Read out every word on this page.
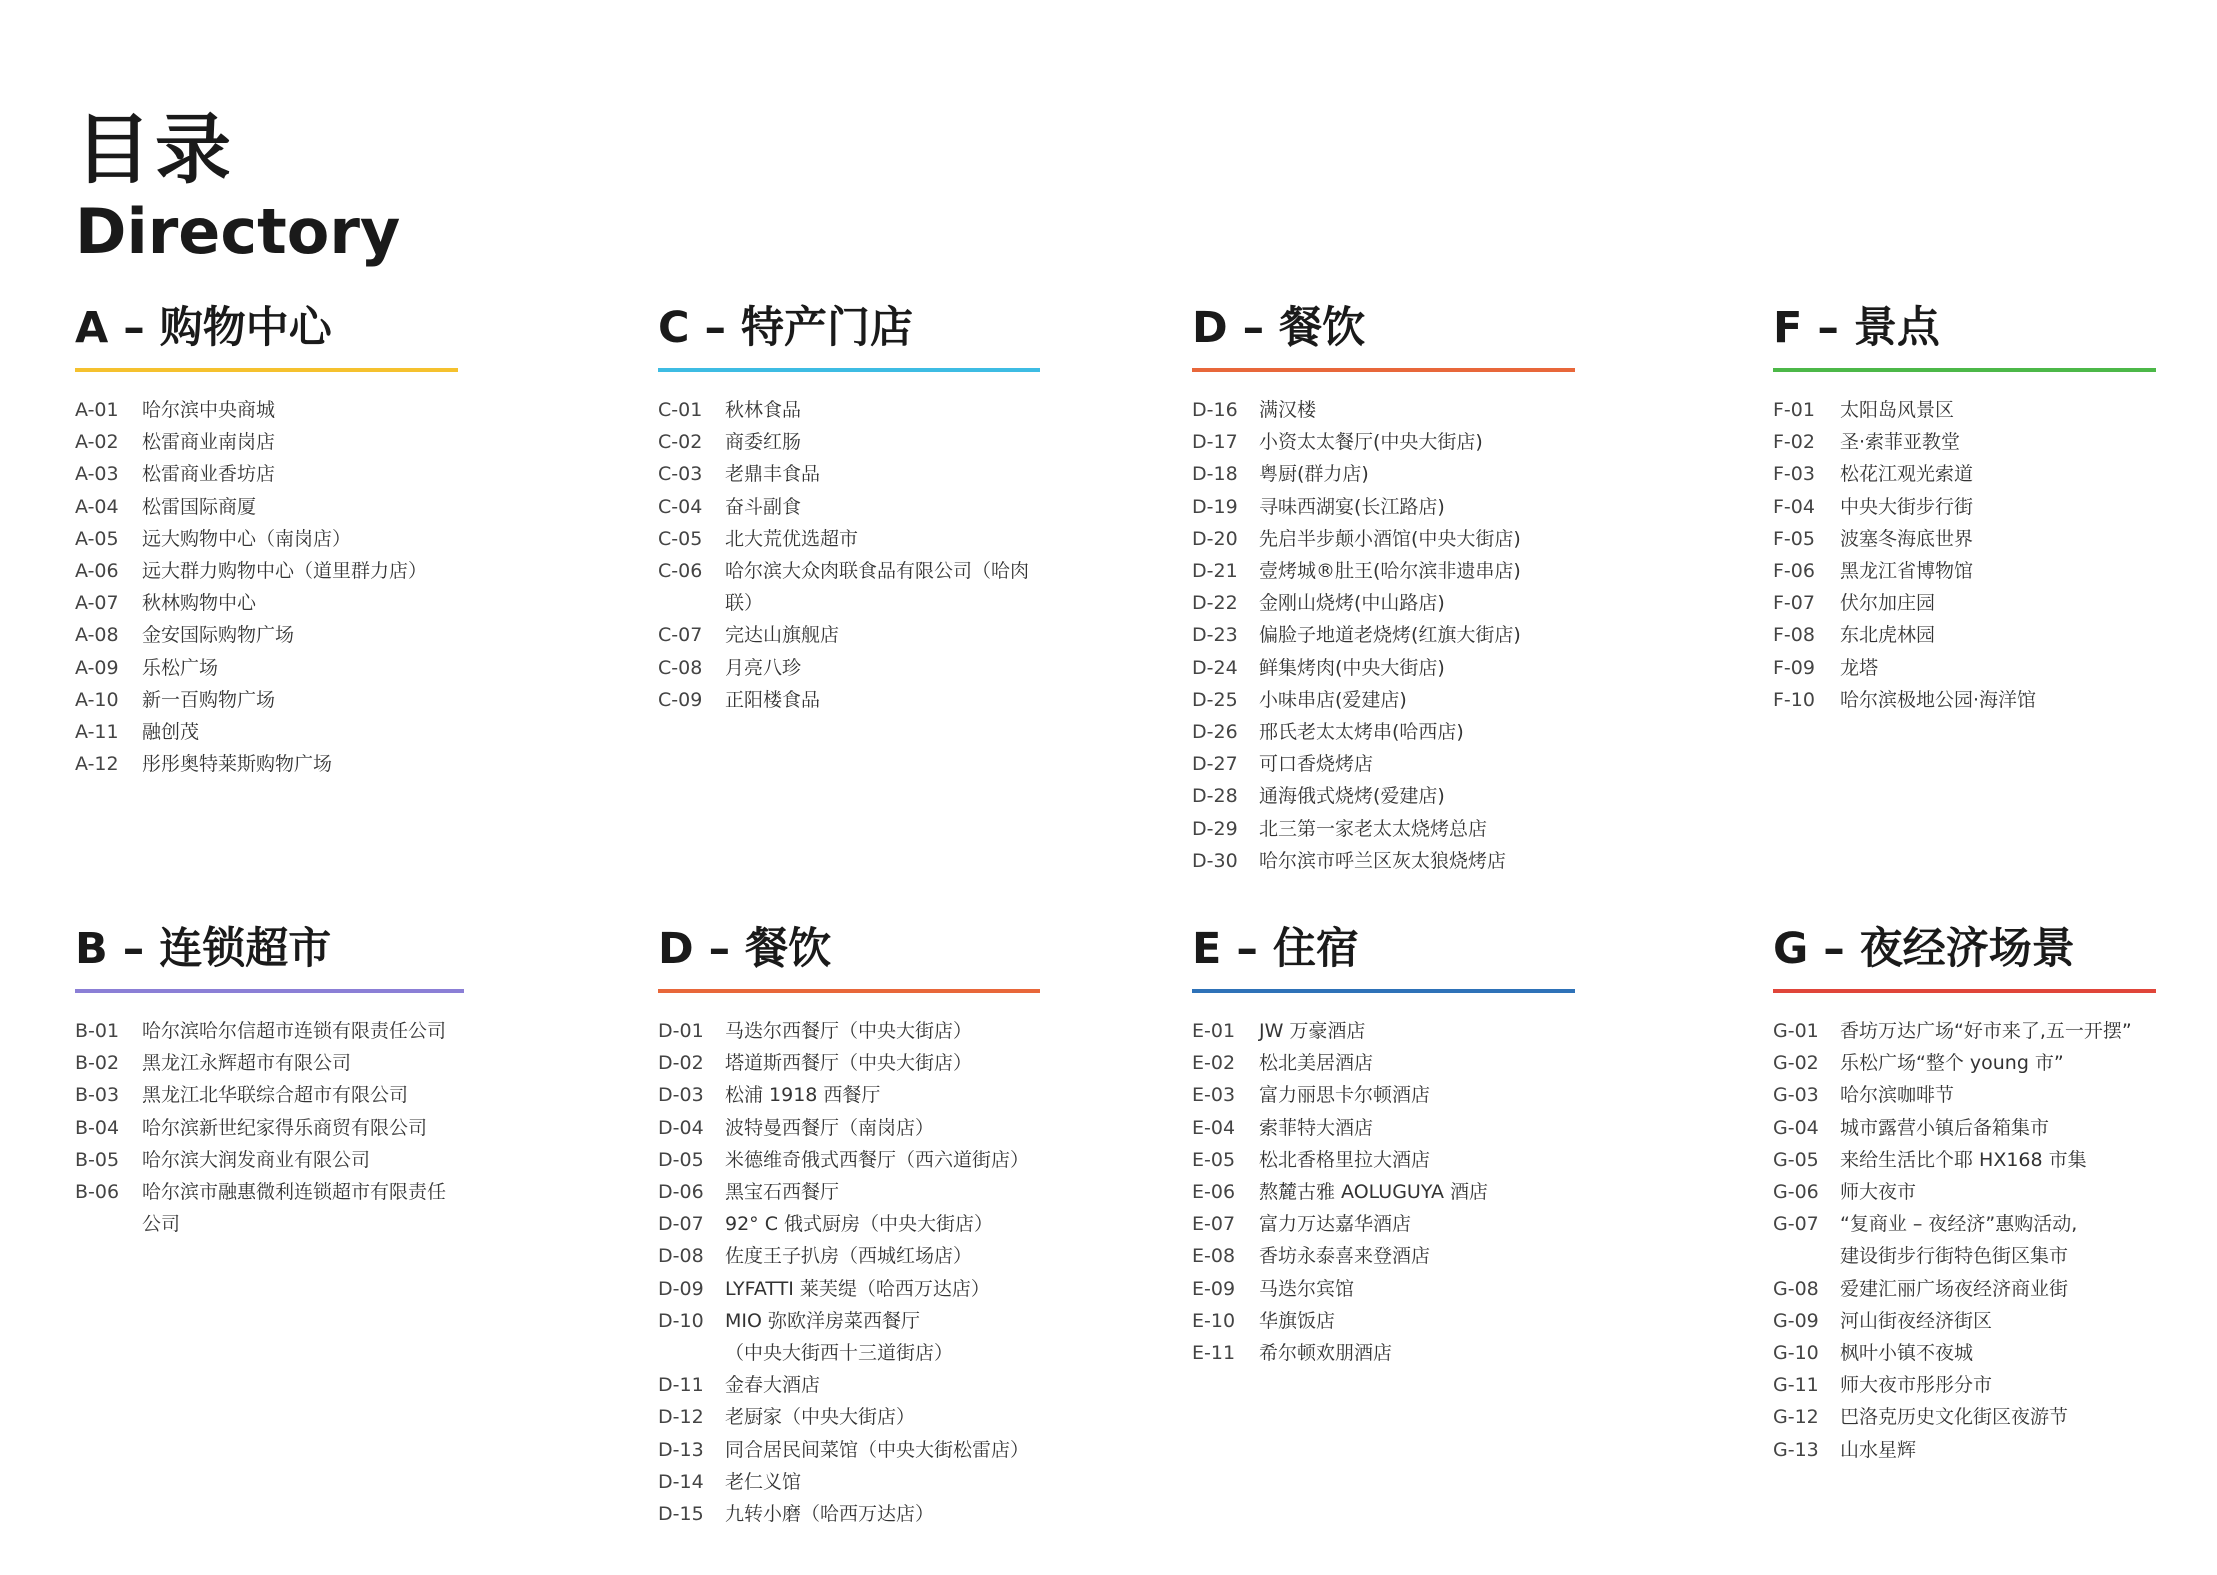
目录
Directory
A – 购物中心
A-01	哈尔滨中央商城
A-02	松雷商业南岗店
A-03	松雷商业香坊店
A-04	松雷国际商厦
A-05	远大购物中心（南岗店）
A-06	远大群力购物中心（道里群力店）
A-07	秋林购物中心
A-08	金安国际购物广场
A-09	乐松广场
A-10	新一百购物广场
A-11	融创茂
A-12	彤彤奥特莱斯购物广场
C – 特产门店
C-01	秋林食品
C-02	商委红肠
C-03	老鼎丰食品
C-04	奋斗副食
C-05	北大荒优选超市
C-06	哈尔滨大众肉联食品有限公司（哈肉联）
C-07	完达山旗舰店
C-08	月亮八珍
C-09	正阳楼食品
D – 餐饮
D-16	满汉楼
D-17	小资太太餐厅(中央大街店)
D-18	粤厨(群力店)
D-19	寻味西湖宴(长江路店)
D-20	先启半步颠小酒馆(中央大街店)
D-21	壹烤城®肚王(哈尔滨非遗串店)
D-22	金刚山烧烤(中山路店)
D-23	偏脸子地道老烧烤(红旗大街店)
D-24	鲜集烤肉(中央大街店)
D-25	小味串店(爱建店)
D-26	邢氏老太太烤串(哈西店)
D-27	可口香烧烤店
D-28	通海俄式烧烤(爱建店)
D-29	北三第一家老太太烧烤总店
D-30	哈尔滨市呼兰区灰太狼烧烤店
F – 景点
F-01	太阳岛风景区
F-02	圣·索菲亚教堂
F-03	松花江观光索道
F-04	中央大街步行街
F-05	波塞冬海底世界
F-06	黑龙江省博物馆
F-07	伏尔加庄园
F-08	东北虎林园
F-09	龙塔
F-10	哈尔滨极地公园·海洋馆
B – 连锁超市
B-01	哈尔滨哈尔信超市连锁有限责任公司
B-02	黑龙江永辉超市有限公司
B-03	黑龙江北华联综合超市有限公司
B-04	哈尔滨新世纪家得乐商贸有限公司
B-05	哈尔滨大润发商业有限公司
B-06	哈尔滨市融惠微利连锁超市有限责任公司
D – 餐饮
D-01	马迭尔西餐厅（中央大街店）
D-02	塔道斯西餐厅（中央大街店）
D-03	松浦 1918 西餐厅
D-04	波特曼西餐厅（南岗店）
D-05	米德维奇俄式西餐厅（西六道街店）
D-06	黑宝石西餐厅
D-07	92° C 俄式厨房（中央大街店）
D-08	佐度王子扒房（西城红场店）
D-09	LYFATTI 莱芙缇（哈西万达店）
D-10	MIO 弥欧洋房菜西餐厅
（中央大街西十三道街店）
D-11	金春大酒店
D-12	老厨家（中央大街店）
D-13	同合居民间菜馆（中央大街松雷店）
D-14	老仁义馆
D-15	九转小磨（哈西万达店）
E – 住宿
E-01	JW 万豪酒店
E-02	松北美居酒店
E-03	富力丽思卡尔顿酒店
E-04	索菲特大酒店
E-05	松北香格里拉大酒店
E-06	熬麓古雅 AOLUGUYA 酒店
E-07	富力万达嘉华酒店
E-08	香坊永泰喜来登酒店
E-09	马迭尔宾馆
E-10	华旗饭店
E-11	希尔顿欢朋酒店
G – 夜经济场景
G-01	香坊万达广场“好市来了,五一开摆”
G-02	乐松广场“整个 young 市”
G-03	哈尔滨咖啡节
G-04	城市露营小镇后备箱集市
G-05	来给生活比个耶 HX168 市集
G-06	师大夜市
G-07	“复商业 – 夜经济”惠购活动,
建设街步行街特色街区集市
G-08	爱建汇丽广场夜经济商业街
G-09	河山街夜经济街区
G-10	枫叶小镇不夜城
G-11	师大夜市彤彤分市
G-12	巴洛克历史文化街区夜游节
G-13	山水星辉
